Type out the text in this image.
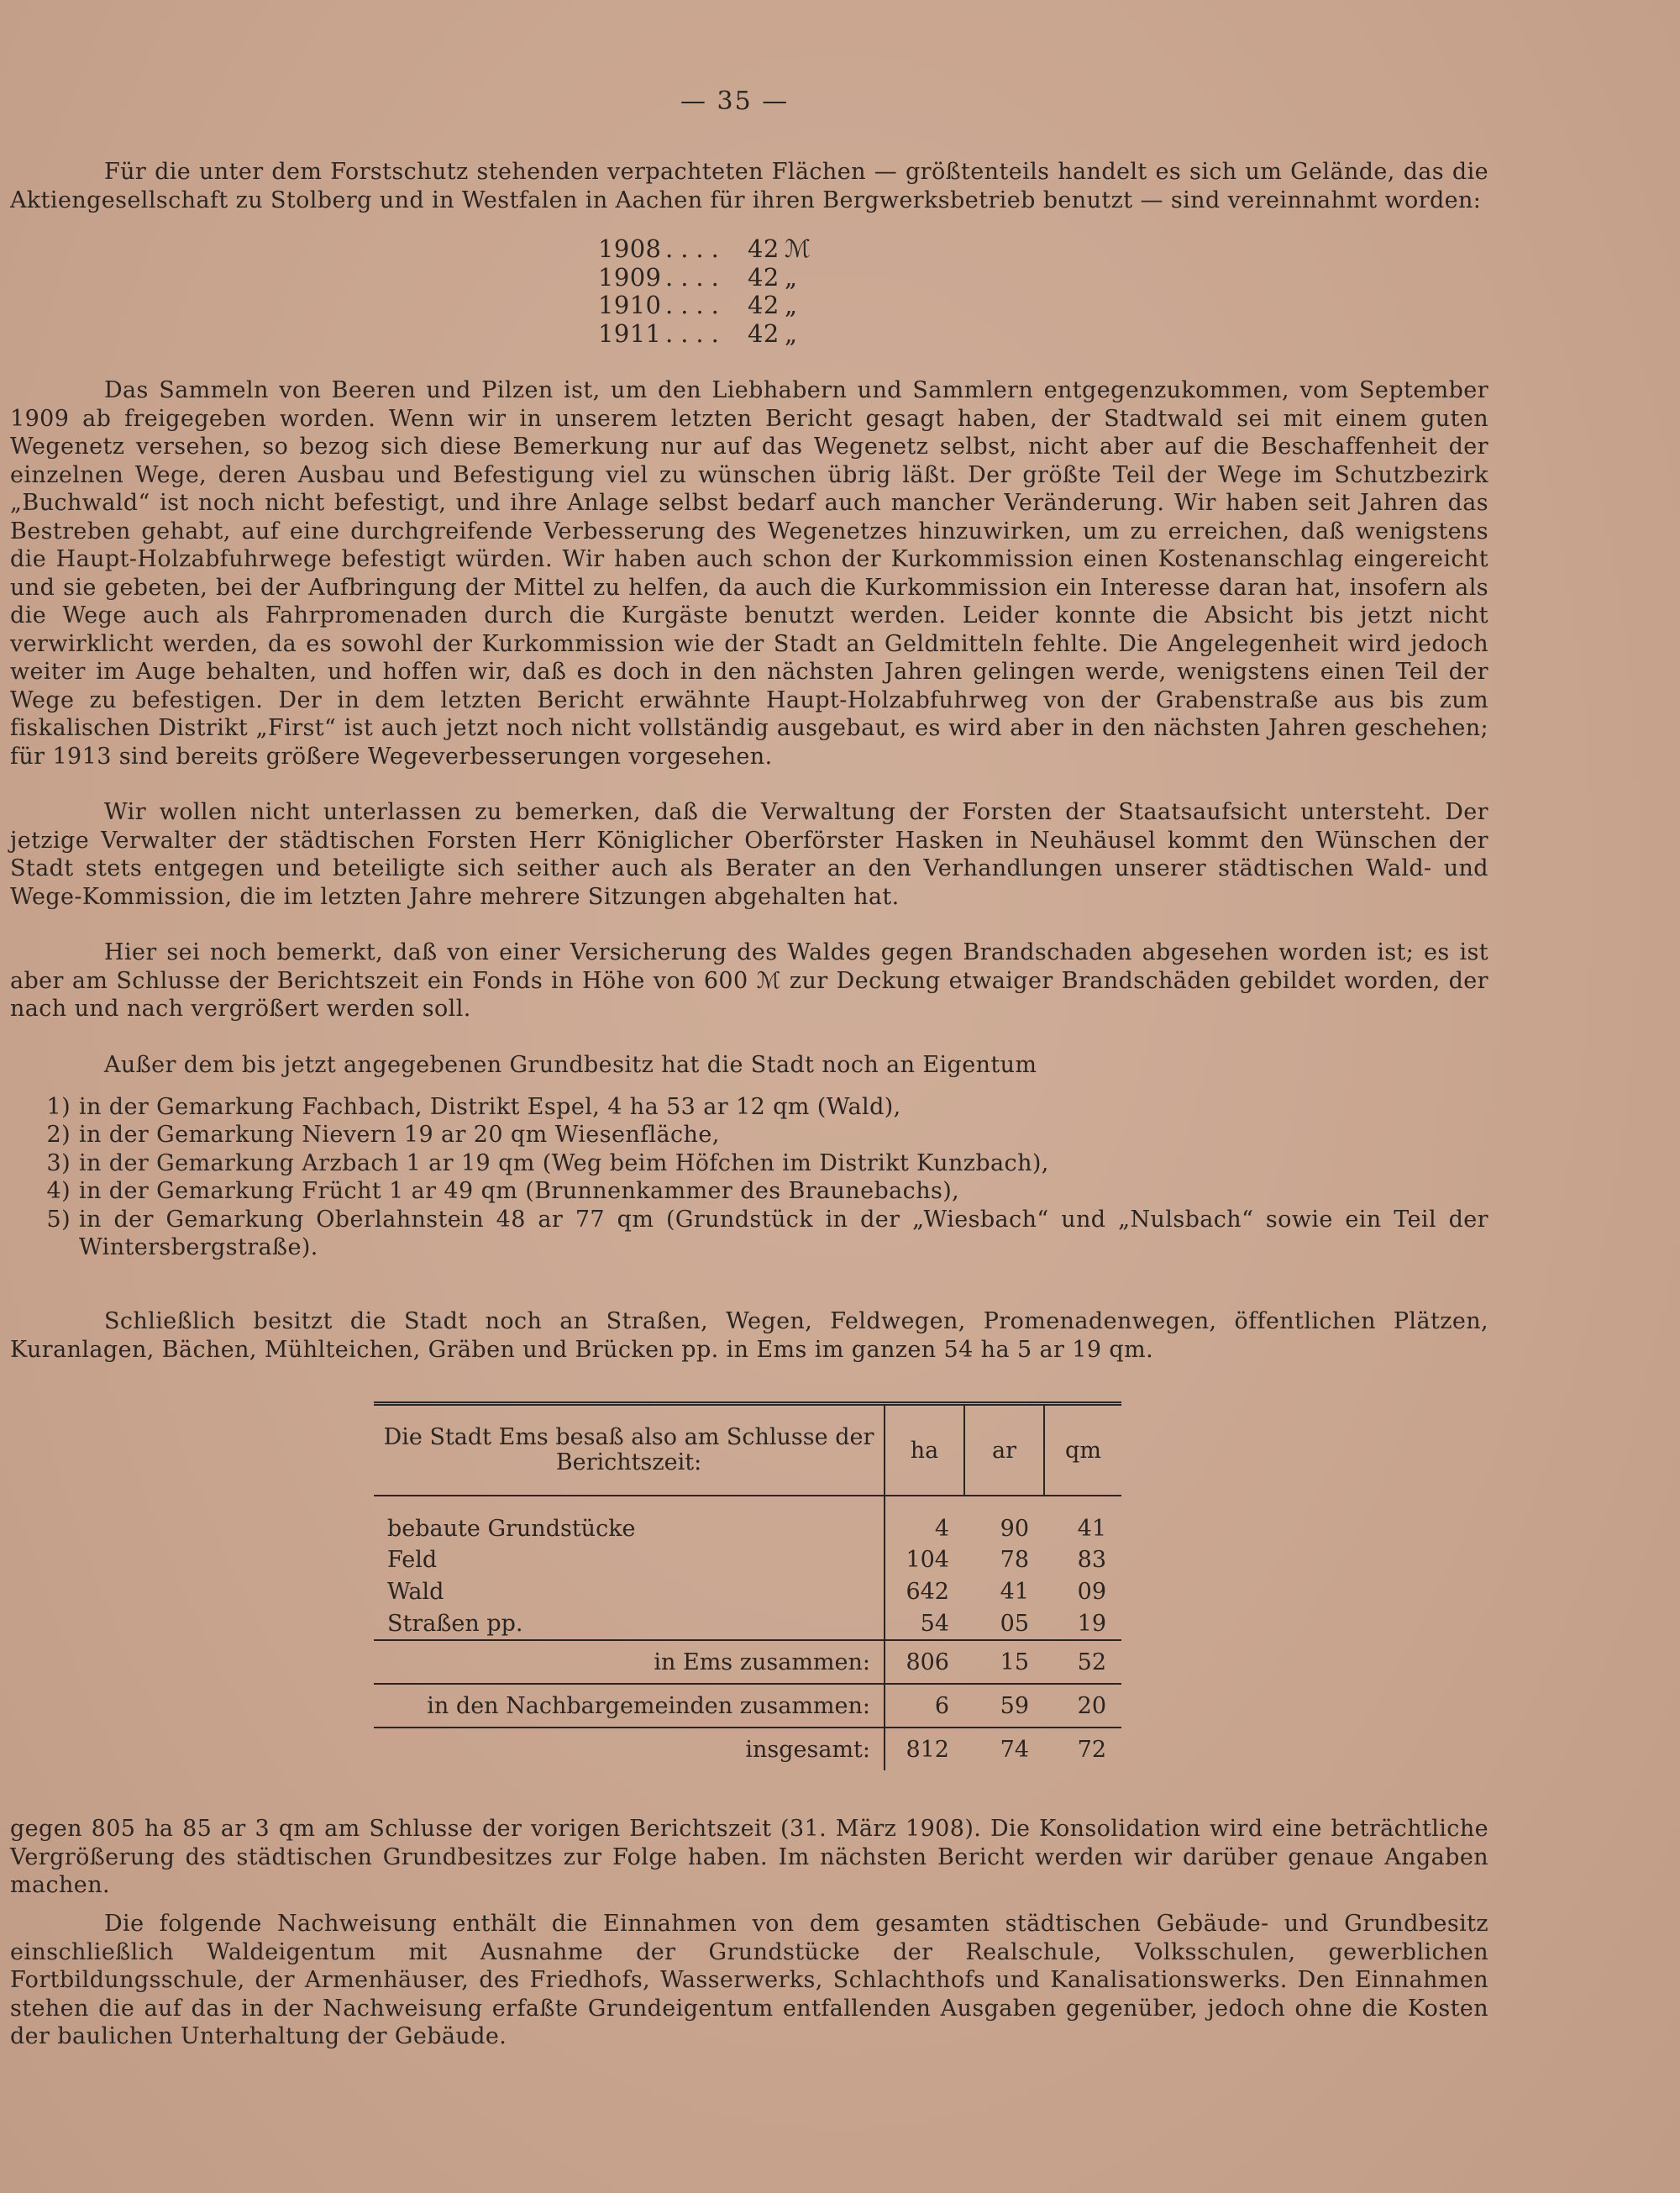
— 35 —

Für die unter dem Forstschutz stehenden verpachteten Flächen — größtenteils handelt es sich um Gelände, das die Aktiengesellschaft zu Stolberg und in Westfalen in Aachen für ihren Bergwerksbetrieb benutzt — sind vereinnahmt worden:

1908 .... 42 ℳ
1909 .... 42 „
1910 .... 42 „
1911 .... 42 „

Das Sammeln von Beeren und Pilzen ist, um den Liebhabern und Sammlern entgegenzukommen, vom September 1909 ab freigegeben worden. Wenn wir in unserem letzten Bericht gesagt haben, der Stadtwald sei mit einem guten Wegenetz versehen, so bezog sich diese Bemerkung nur auf das Wegenetz selbst, nicht aber auf die Beschaffenheit der einzelnen Wege, deren Ausbau und Befestigung viel zu wünschen übrig läßt. Der größte Teil der Wege im Schutzbezirk „Buchwald“ ist noch nicht befestigt, und ihre Anlage selbst bedarf auch mancher Veränderung. Wir haben seit Jahren das Bestreben gehabt, auf eine durchgreifende Verbesserung des Wegenetzes hinzuwirken, um zu erreichen, daß wenigstens die Haupt-Holzabfuhrwege befestigt würden. Wir haben auch schon der Kurkommission einen Kostenanschlag eingereicht und sie gebeten, bei der Aufbringung der Mittel zu helfen, da auch die Kurkommission ein Interesse daran hat, insofern als die Wege auch als Fahrpromenaden durch die Kurgäste benutzt werden. Leider konnte die Absicht bis jetzt nicht verwirklicht werden, da es sowohl der Kurkommission wie der Stadt an Geldmitteln fehlte. Die Angelegenheit wird jedoch weiter im Auge behalten, und hoffen wir, daß es doch in den nächsten Jahren gelingen werde, wenigstens einen Teil der Wege zu befestigen. Der in dem letzten Bericht erwähnte Haupt-Holzabfuhrweg von der Grabenstraße aus bis zum fiskalischen Distrikt „First“ ist auch jetzt noch nicht vollständig ausgebaut, es wird aber in den nächsten Jahren geschehen; für 1913 sind bereits größere Wegeverbesserungen vorgesehen.

Wir wollen nicht unterlassen zu bemerken, daß die Verwaltung der Forsten der Staatsaufsicht untersteht. Der jetzige Verwalter der städtischen Forsten Herr Königlicher Oberförster Hasken in Neuhäusel kommt den Wünschen der Stadt stets entgegen und beteiligte sich seither auch als Berater an den Verhandlungen unserer städtischen Wald- und Wege-Kommission, die im letzten Jahre mehrere Sitzungen abgehalten hat.

Hier sei noch bemerkt, daß von einer Versicherung des Waldes gegen Brandschaden abgesehen worden ist; es ist aber am Schlusse der Berichtszeit ein Fonds in Höhe von 600 ℳ zur Deckung etwaiger Brandschäden gebildet worden, der nach und nach vergrößert werden soll.

Außer dem bis jetzt angegebenen Grundbesitz hat die Stadt noch an Eigentum

1) in der Gemarkung Fachbach, Distrikt Espel, 4 ha 53 ar 12 qm (Wald),
2) in der Gemarkung Nievern 19 ar 20 qm Wiesenfläche,
3) in der Gemarkung Arzbach 1 ar 19 qm (Weg beim Höfchen im Distrikt Kunzbach),
4) in der Gemarkung Frücht 1 ar 49 qm (Brunnenkammer des Braunebachs),
5) in der Gemarkung Oberlahnstein 48 ar 77 qm (Grundstück in der „Wiesbach“ und „Nulsbach“ sowie ein Teil der Wintersbergstraße).

Schließlich besitzt die Stadt noch an Straßen, Wegen, Feldwegen, Promenadenwegen, öffentlichen Plätzen, Kuranlagen, Bächen, Mühlteichen, Gräben und Brücken pp. in Ems im ganzen 54 ha 5 ar 19 qm.

Die Stadt Ems besaß also am Schlusse der Berichtszeit:	ha	ar	qm
bebaute Grundstücke	4	90	41
Feld	104	78	83
Wald	642	41	09
Straßen pp.	54	05	19
in Ems zusammen:	806	15	52
in den Nachbargemeinden zusammen:	6	59	20
insgesamt:	812	74	72

gegen 805 ha 85 ar 3 qm am Schlusse der vorigen Berichtszeit (31. März 1908). Die Konsolidation wird eine beträchtliche Vergrößerung des städtischen Grundbesitzes zur Folge haben. Im nächsten Bericht werden wir darüber genaue Angaben machen.

Die folgende Nachweisung enthält die Einnahmen von dem gesamten städtischen Gebäude- und Grundbesitz einschließlich Waldeigentum mit Ausnahme der Grundstücke der Realschule, Volksschulen, gewerblichen Fortbildungsschule, der Armenhäuser, des Friedhofs, Wasserwerks, Schlachthofs und Kanalisationswerks. Den Einnahmen stehen die auf das in der Nachweisung erfaßte Grundeigentum entfallenden Ausgaben gegenüber, jedoch ohne die Kosten der baulichen Unterhaltung der Gebäude.
